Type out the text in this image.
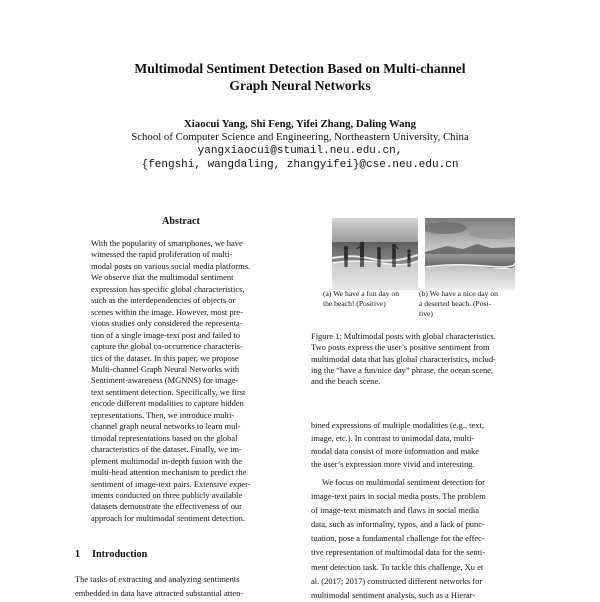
Multimodal Sentiment Detection Based on Multi-channel
Graph Neural Networks
Xiaocui Yang, Shi Feng, Yifei Zhang, Daling Wang
School of Computer Science and Engineering, Northeastern University, China
yangxiaocui@stumail.neu.edu.cn,
{fengshi, wangdaling, zhangyifei}@cse.neu.edu.cn
Abstract
With the popularity of smartphones, we have
witnessed the rapid proliferation of multi-
modal posts on various social media platforms.
We observe that the multimodal sentiment
expression has specific global characteristics,
such as the interdependencies of objects or
scenes within the image. However, most pre-
vious studies only considered the representa-
tion of a single image-text post and failed to
capture the global co-occurrence characteris-
tics of the dataset. In this paper, we propose
Multi-channel Graph Neural Networks with
Sentiment-awareness (MGNNS) for image-
text sentiment detection. Specifically, we first
encode different modalities to capture hidden
representations. Then, we introduce multi-
channel graph neural networks to learn mul-
timodal representations based on the global
characteristics of the dataset. Finally, we im-
plement multimodal in-depth fusion with the
multi-head attention mechanism to predict the
sentiment of image-text pairs. Extensive exper-
iments conducted on three publicly available
datasets demonstrate the effectiveness of our
approach for multimodal sentiment detection.
1 Introduction
The tasks of extracting and analyzing sentiments
embedded in data have attracted substantial atten-
(a) We have a fun day on
the beach! (Positive)
(b) We have a nice day on
a deserted beach. (Posi-
tive)
Figure 1: Multimodal posts with global characteristics.
Two posts express the user’s positive sentiment from
multimodal data that has global characteristics, includ-
ing the “have a fun/nice day” phrase, the ocean scene,
and the beach scene.
bined expressions of multiple modalities (e.g., text,
image, etc.). In contrast to unimodal data, multi-
modal data consist of more information and make
the user’s expression more vivid and interesting.
We focus on multimodal sentiment detection for
image-text pairs in social media posts. The problem
of image-text mismatch and flaws in social media
data, such as informality, typos, and a lack of punc-
tuation, pose a fundamental challenge for the effec-
tive representation of multimodal data for the senti-
ment detection task. To tackle this challenge, Xu et
al. (2017; 2017) constructed different networks for
multimodal sentiment analysis, such as a Hierar-
